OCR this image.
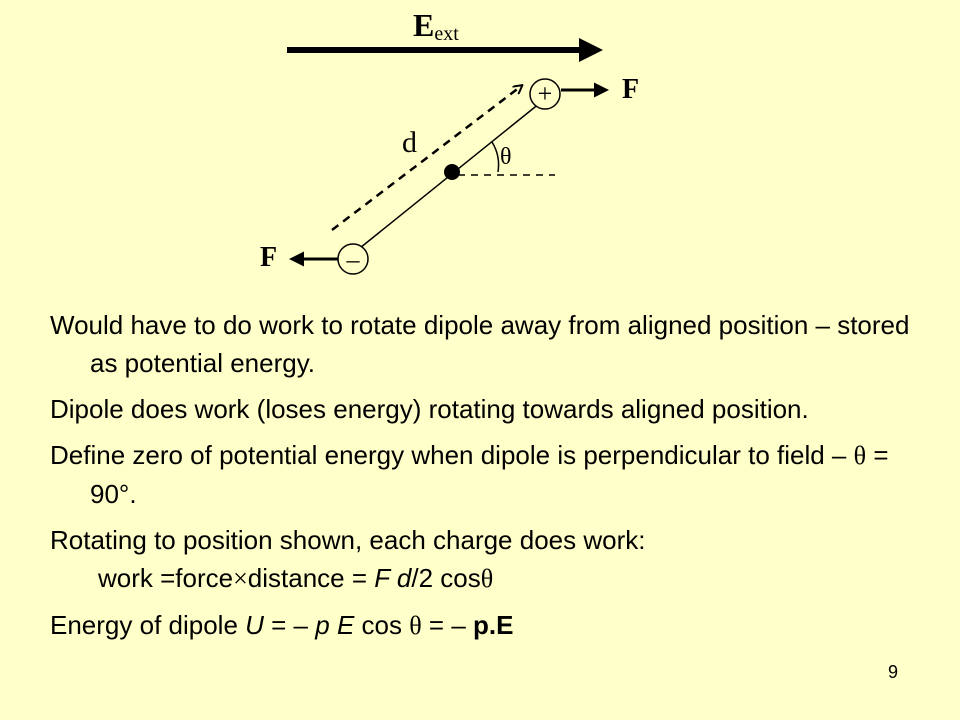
Eext
d	θ
+
–
F
F
Would have to do work to rotate dipole away from aligned position – stored as potential energy.
Dipole does work (loses energy) rotating towards aligned position.
Define zero of potential energy when dipole is perpendicular to field – θ = 90°.
Rotating to position shown, each charge does work:
work =force×distance = F d/2 cosθ
Energy of dipole U = – p E cos θ = – p.E
9
